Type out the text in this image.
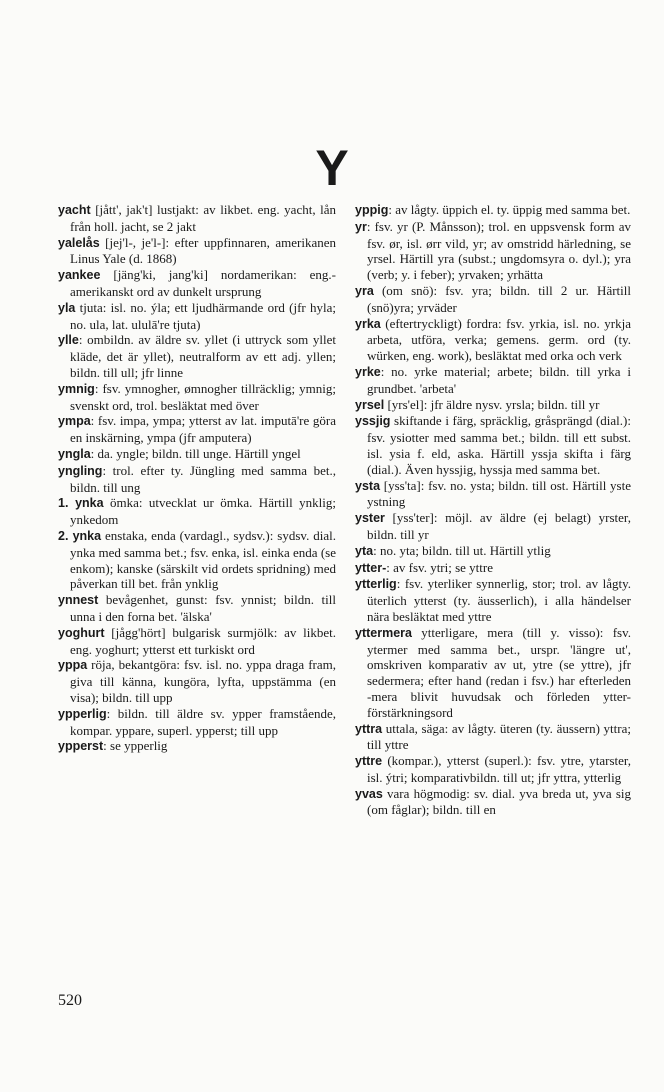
Y

yacht [jått', jak't] lustjakt: av likbet. eng. yacht, lån från holl. jacht, se 2 jakt

yalelås [jej'l-, je'l-]: efter uppfinnaren, amerikanen Linus Yale (d. 1868)

yankee [jäng'ki, jang'ki] nordamerikan: eng.-amerikanskt ord av dunkelt ursprung

yla tjuta: isl. no. ýla; ett ljudhärmande ord (jfr hyla; no. ula, lat. ululā're tjuta)

ylle: ombildn. av äldre sv. yllet (i uttryck som yllet kläde, det är yllet), neutralform av ett adj. yllen; bildn. till ull; jfr linne

ymnig: fsv. ymnogher, ømnogher tillräcklig; ymnig; svenskt ord, trol. besläktat med över

ympa: fsv. impa, ympa; ytterst av lat. imputā're göra en inskärning, ympa (jfr amputera)

yngla: da. yngle; bildn. till unge. Härtill yngel

yngling: trol. efter ty. Jüngling med samma bet., bildn. till ung

1. ynka ömka: utvecklat ur ömka. Härtill ynklig; ynkedom

2. ynka enstaka, enda (vardagl., sydsv.): sydsv. dial. ynka med samma bet.; fsv. enka, isl. einka enda (se enkom); kanske (särskilt vid ordets spridning) med påverkan till bet. från ynklig

ynnest bevågenhet, gunst: fsv. ynnist; bildn. till unna i den forna bet. 'älska'

yoghurt [jågg'hört] bulgarisk surmjölk: av likbet. eng. yoghurt; ytterst ett turkiskt ord

yppa röja, bekantgöra: fsv. isl. no. yppa draga fram, giva till känna, kungöra, lyfta, uppstämma (en visa); bildn. till upp

ypperlig: bildn. till äldre sv. ypper framstående, kompar. yppare, superl. ypperst; till upp

ypperst: se ypperlig

yppig: av lågty. üppich el. ty. üppig med samma bet.

yr: fsv. yr (P. Månsson); trol. en uppsvensk form av fsv. ør, isl. ørr vild, yr; av omstridd härledning, se yrsel. Härtill yra (subst.; ungdomsyra o. dyl.); yra (verb; y. i feber); yrvaken; yrhätta

yra (om snö): fsv. yra; bildn. till 2 ur. Härtill (snö)yra; yrväder

yrka (eftertryckligt) fordra: fsv. yrkia, isl. no. yrkja arbeta, utföra, verka; gemens. germ. ord (ty. würken, eng. work), besläktat med orka och verk

yrke: no. yrke material; arbete; bildn. till yrka i grundbet. 'arbeta'

yrsel [yrs'el]: jfr äldre nysv. yrsla; bildn. till yr

yssjig skiftande i färg, spräcklig, gråsprängd (dial.): fsv. ysiotter med samma bet.; bildn. till ett subst. isl. ysia f. eld, aska. Härtill yssja skifta i färg (dial.). Även hyssjig, hyssja med samma bet.

ysta [yss'ta]: fsv. no. ysta; bildn. till ost. Härtill yste ystning

yster [yss'ter]: möjl. av äldre (ej belagt) yrster, bildn. till yr

yta: no. yta; bildn. till ut. Härtill ytlig

ytter-: av fsv. ytri; se yttre

ytterlig: fsv. yterliker synnerlig, stor; trol. av lågty. üterlich ytterst (ty. äusserlich), i alla händelser nära besläktat med yttre

yttermera ytterligare, mera (till y. visso): fsv. ytermer med samma bet., urspr. 'längre ut', omskriven komparativ av ut, ytre (se yttre), jfr sedermera; efter hand (redan i fsv.) har efterleden -mera blivit huvudsak och förleden ytter- förstärkningsord

yttra uttala, säga: av lågty. üteren (ty. äussern) yttra; till yttre

yttre (kompar.), ytterst (superl.): fsv. ytre, ytarster, isl. ýtri; komparativbildn. till ut; jfr yttra, ytterlig

yvas vara högmodig: sv. dial. yva breda ut, yva sig (om fåglar); bildn. till en

520
